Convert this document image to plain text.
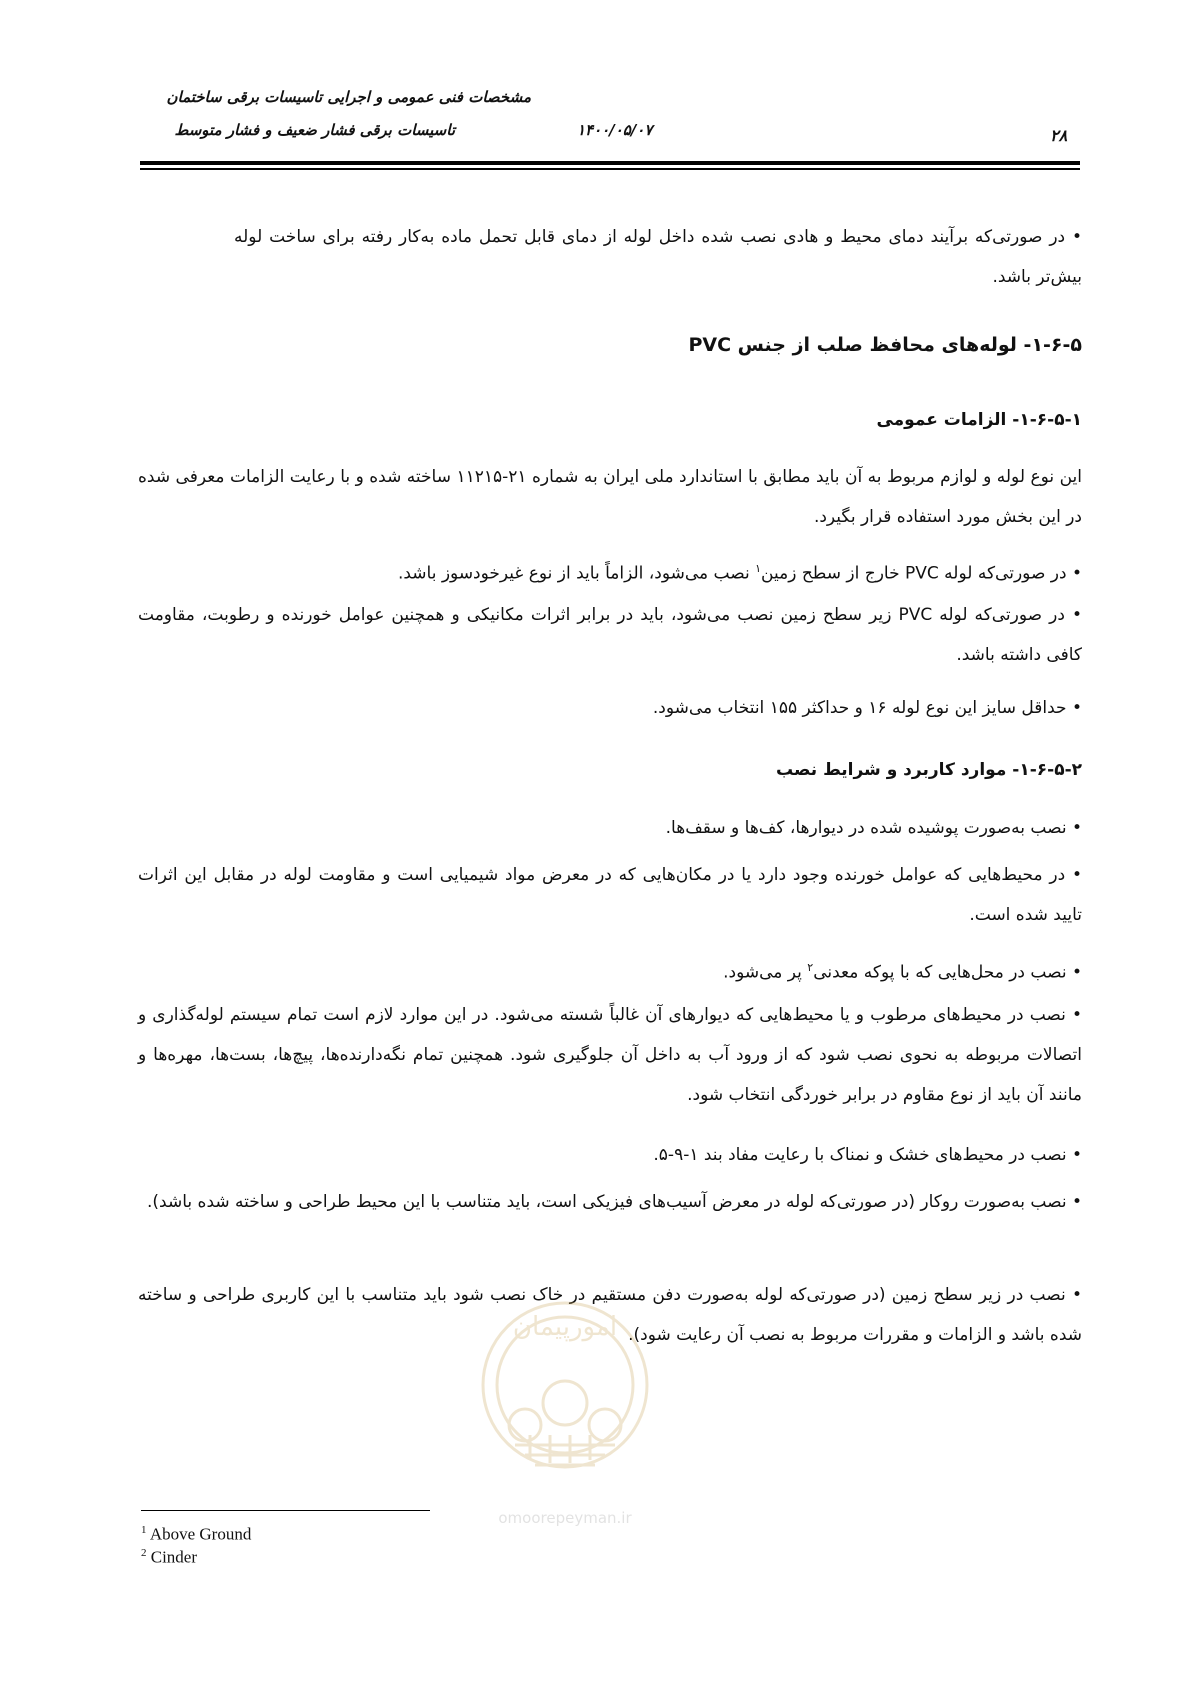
مشخصات فنی عمومی و اجرایی تاسیسات برقی ساختمان
تاسیسات برقی فشار ضعیف و فشار متوسط	۱۴۰۰/۰۵/۰۷	۲۸
• در صورتی‌که برآیند دمای محیط و هادی نصب شده داخل لوله از دمای قابل تحمل ماده به‌کار رفته برای ساخت لوله بیش‌تر باشد.
۱-۶-۵- لوله‌های محافظ صلب از جنس PVC
۱-۶-۵-۱- الزامات عمومی
این نوع لوله و لوازم مربوط به آن باید مطابق با استاندارد ملی ایران به شماره ۲۱-۱۱۲۱۵ ساخته شده و با رعایت الزامات معرفی شده در این بخش مورد استفاده قرار بگیرد.
• در صورتی‌که لوله PVC خارج از سطح زمین$^۱$ نصب می‌شود، الزاماً باید از نوع غیرخودسوز باشد.
• در صورتی‌که لوله PVC زیر سطح زمین نصب می‌شود، باید در برابر اثرات مکانیکی و همچنین عوامل خورنده و رطوبت، مقاومت کافی داشته باشد.
• حداقل سایز این نوع لوله ۱۶ و حداکثر ۱۵۵ انتخاب می‌شود.
۱-۶-۵-۲- موارد کاربرد و شرایط نصب
• نصب به‌صورت پوشیده شده در دیوارها، کف‌ها و سقف‌ها.
• در محیط‌هایی که عوامل خورنده وجود دارد یا در مکان‌هایی که در معرض مواد شیمیایی است و مقاومت لوله در مقابل این اثرات تایید شده است.
• نصب در محل‌هایی که با پوکه معدنی$^۲$ پر می‌شود.
• نصب در محیط‌های مرطوب و یا محیط‌هایی که دیوارهای آن غالباً شسته می‌شود. در این موارد لازم است تمام سیستم لوله‌گذاری و اتصالات مربوطه به نحوی نصب شود که از ورود آب به داخل آن جلوگیری شود. همچنین تمام نگه‌دارنده‌ها، پیچ‌ها، بست‌ها، مهره‌ها و مانند آن باید از نوع مقاوم در برابر خوردگی انتخاب شود.
• نصب در محیط‌های خشک و نمناک با رعایت مفاد بند ۱-۹-۵.
• نصب به‌صورت روکار (در صورتی‌که لوله در معرض آسیب‌های فیزیکی است، باید متناسب با این محیط طراحی و ساخته شده باشد).
• نصب در زیر سطح زمین (در صورتی‌که لوله به‌صورت دفن مستقیم در خاک نصب شود باید متناسب با این کاربری طراحی و ساخته شده باشد و الزامات و مقررات مربوط به نصب آن رعایت شود).
امورپیمان
omoorepeyman.ir
$^1$ Above Ground
$^2$ Cinder
